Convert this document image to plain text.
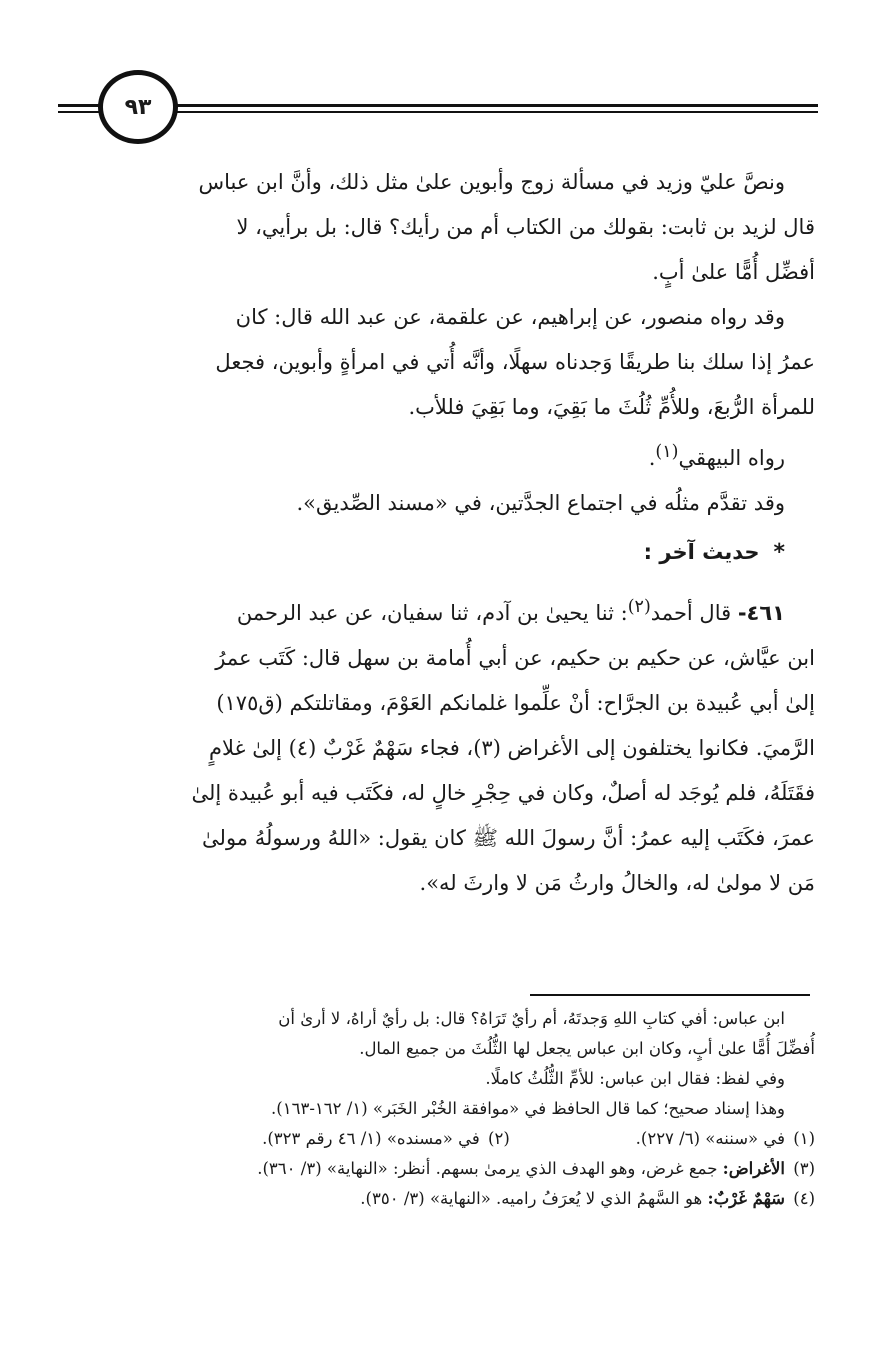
٩٣

ونصَّ عليّ وزيد في مسألة زوج وأبوين علىٰ مثل ذلك، وأنَّ ابن عباس
قال لزيد بن ثابت: بقولك من الكتاب أم من رأيك؟ قال: بل برأيي، لا
أفضِّل أُمًّا علىٰ أبٍ.

وقد رواه منصور، عن إبراهيم، عن علقمة، عن عبد الله قال: كان
عمرُ إذا سلك بنا طريقًا وَجدناه سهلًا، وأنَّه أُتي في امرأةٍ وأبوين، فجعل
للمرأة الرُّبعَ، وللأُمِّ ثُلُثَ ما بَقِيَ، وما بَقِيَ فللأب.

رواه البيهقي$^{(١)}$.

وقد تقدَّم مثلُه في اجتماع الجدَّتين، في «مسند الصِّديق».

*حديث آخر :

٤٦١- قال أحمد$^{(٢)}$: ثنا يحيىٰ بن آدم، ثنا سفيان، عن عبد الرحمن
ابن عيَّاش، عن حكيم بن حكيم، عن أبي أُمامة بن سهل قال: كَتَب عمرُ
إلىٰ أبي عُبيدة بن الجرَّاح: أنْ علِّموا غلمانكم العَوْمَ، ومقاتلتكم (ق١٧٥)
الرَّميَ. فكانوا يختلفون إلى الأغراض (٣)، فجاء سَهْمٌ غَرْبٌ (٤) إلىٰ غلامٍ
فقَتَلَهُ، فلم يُوجَد له أصلٌ، وكان في حِجْرِ خالٍ له، فكَتَب فيه أبو عُبيدة إلىٰ
عمرَ، فكَتَب إليه عمرُ: أنَّ رسولَ الله ﷺ كان يقول: «اللهُ ورسولُهُ مولىٰ
مَن لا مولىٰ له، والخالُ وارثُ مَن لا وارثَ له».

ابن عباس: أفي كتابِ اللهِ وَجدتَهُ، أم رأيٌ تَرَاهُ؟ قال: بل رأيٌ أراهُ، لا أرىٰ أن
أُفضِّلَ أُمًّا علىٰ أبٍ، وكان ابن عباس يجعل لها الثُّلُثَ من جميع المال.

وفي لفظ: فقال ابن عباس: للأمِّ الثُّلُثُ كاملًا.

وهذا إسناد صحيح؛ كما قال الحافظ في «موافقة الخُبْر الخَبَر» (١/ ١٦٢-١٦٣).

(١)في «سننه» (٦/ ٢٢٧). (٢)في «مسنده» (١/ ٤٦ رقم ٣٢٣).

(٣)الأغراض: جمع غرض، وهو الهدف الذي يرمىٰ بسهم. أنظر: «النهاية» (٣/ ٣٦٠).

(٤)سَهْمٌ غَرْبٌ: هو السَّهمُ الذي لا يُعرَفُ راميه. «النهاية» (٣/ ٣٥٠).
